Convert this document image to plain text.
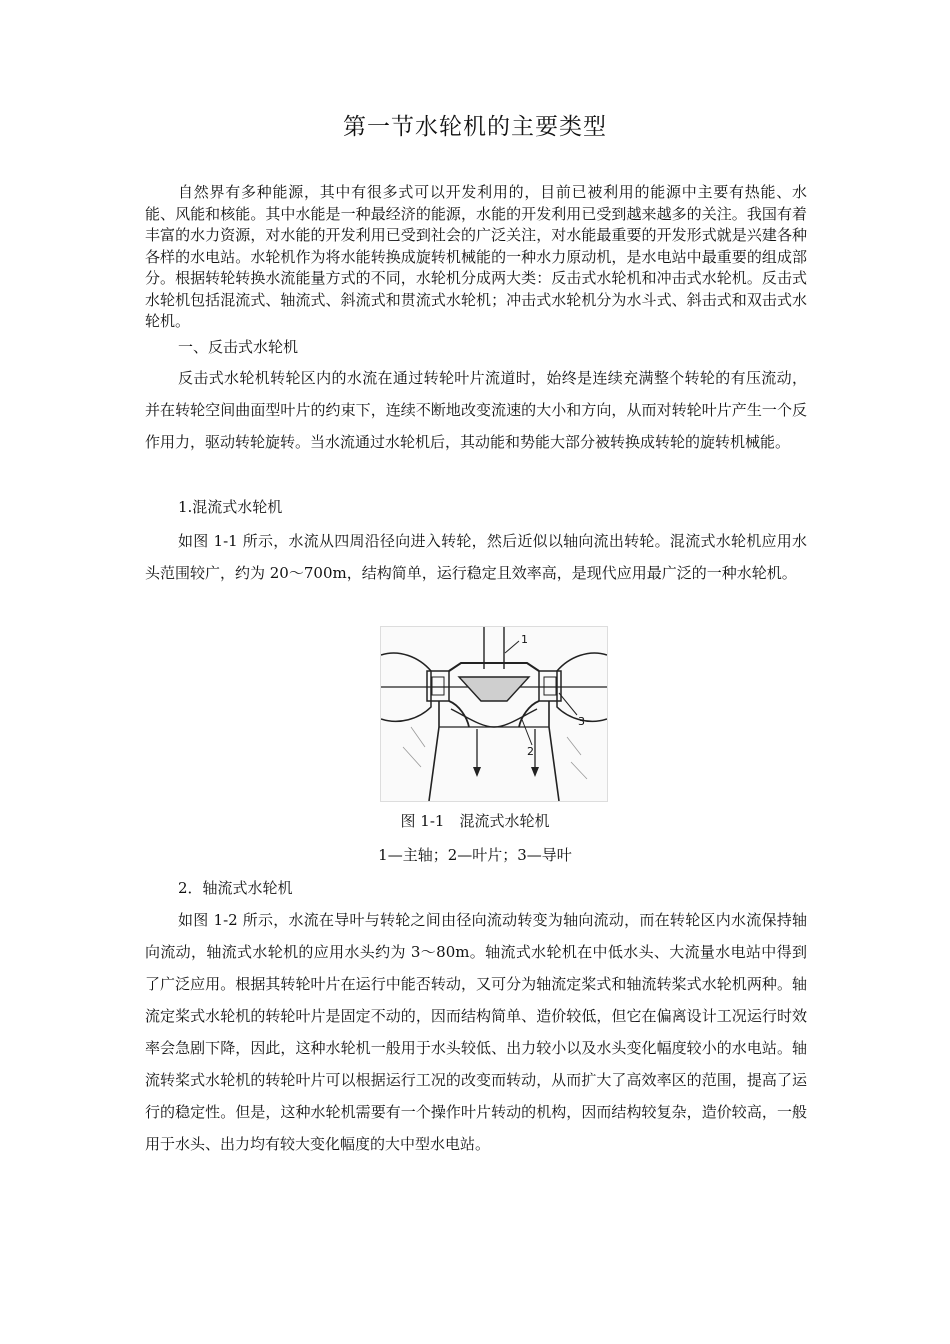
第一节水轮机的主要类型

自然界有多种能源，其中有很多式可以开发利用的，目前已被利用的能源中主要有热能、水能、风能和核能。其中水能是一种最经济的能源，水能的开发利用已受到越来越多的关注。我国有着丰富的水力资源，对水能的开发利用已受到社会的广泛关注，对水能最重要的开发形式就是兴建各种各样的水电站。水轮机作为将水能转换成旋转机械能的一种水力原动机，是水电站中最重要的组成部分。根据转轮转换水流能量方式的不同，水轮机分成两大类：反击式水轮机和冲击式水轮机。反击式水轮机包括混流式、轴流式、斜流式和贯流式水轮机；冲击式水轮机分为水斗式、斜击式和双击式水轮机。

一、反击式水轮机

反击式水轮机转轮区内的水流在通过转轮叶片流道时，始终是连续充满整个转轮的有压流动，并在转轮空间曲面型叶片的约束下，连续不断地改变流速的大小和方向，从而对转轮叶片产生一个反作用力，驱动转轮旋转。当水流通过水轮机后，其动能和势能大部分被转换成转轮的旋转机械能。

1.混流式水轮机

如图 1-1 所示，水流从四周沿径向进入转轮，然后近似以轴向流出转轮。混流式水轮机应用水头范围较广，约为 20～700m，结构简单，运行稳定且效率高，是现代应用最广泛的一种水轮机。

1
2
3

图 1-1　混流式水轮机

1—主轴；2—叶片；3—导叶

2．轴流式水轮机

如图 1-2 所示，水流在导叶与转轮之间由径向流动转变为轴向流动，而在转轮区内水流保持轴向流动，轴流式水轮机的应用水头约为 3～80m。轴流式水轮机在中低水头、大流量水电站中得到了广泛应用。根据其转轮叶片在运行中能否转动，又可分为轴流定桨式和轴流转桨式水轮机两种。轴流定桨式水轮机的转轮叶片是固定不动的，因而结构简单、造价较低，但它在偏离设计工况运行时效率会急剧下降，因此，这种水轮机一般用于水头较低、出力较小以及水头变化幅度较小的水电站。轴流转桨式水轮机的转轮叶片可以根据运行工况的改变而转动，从而扩大了高效率区的范围，提高了运行的稳定性。但是，这种水轮机需要有一个操作叶片转动的机构，因而结构较复杂，造价较高，一般用于水头、出力均有较大变化幅度的大中型水电站。
